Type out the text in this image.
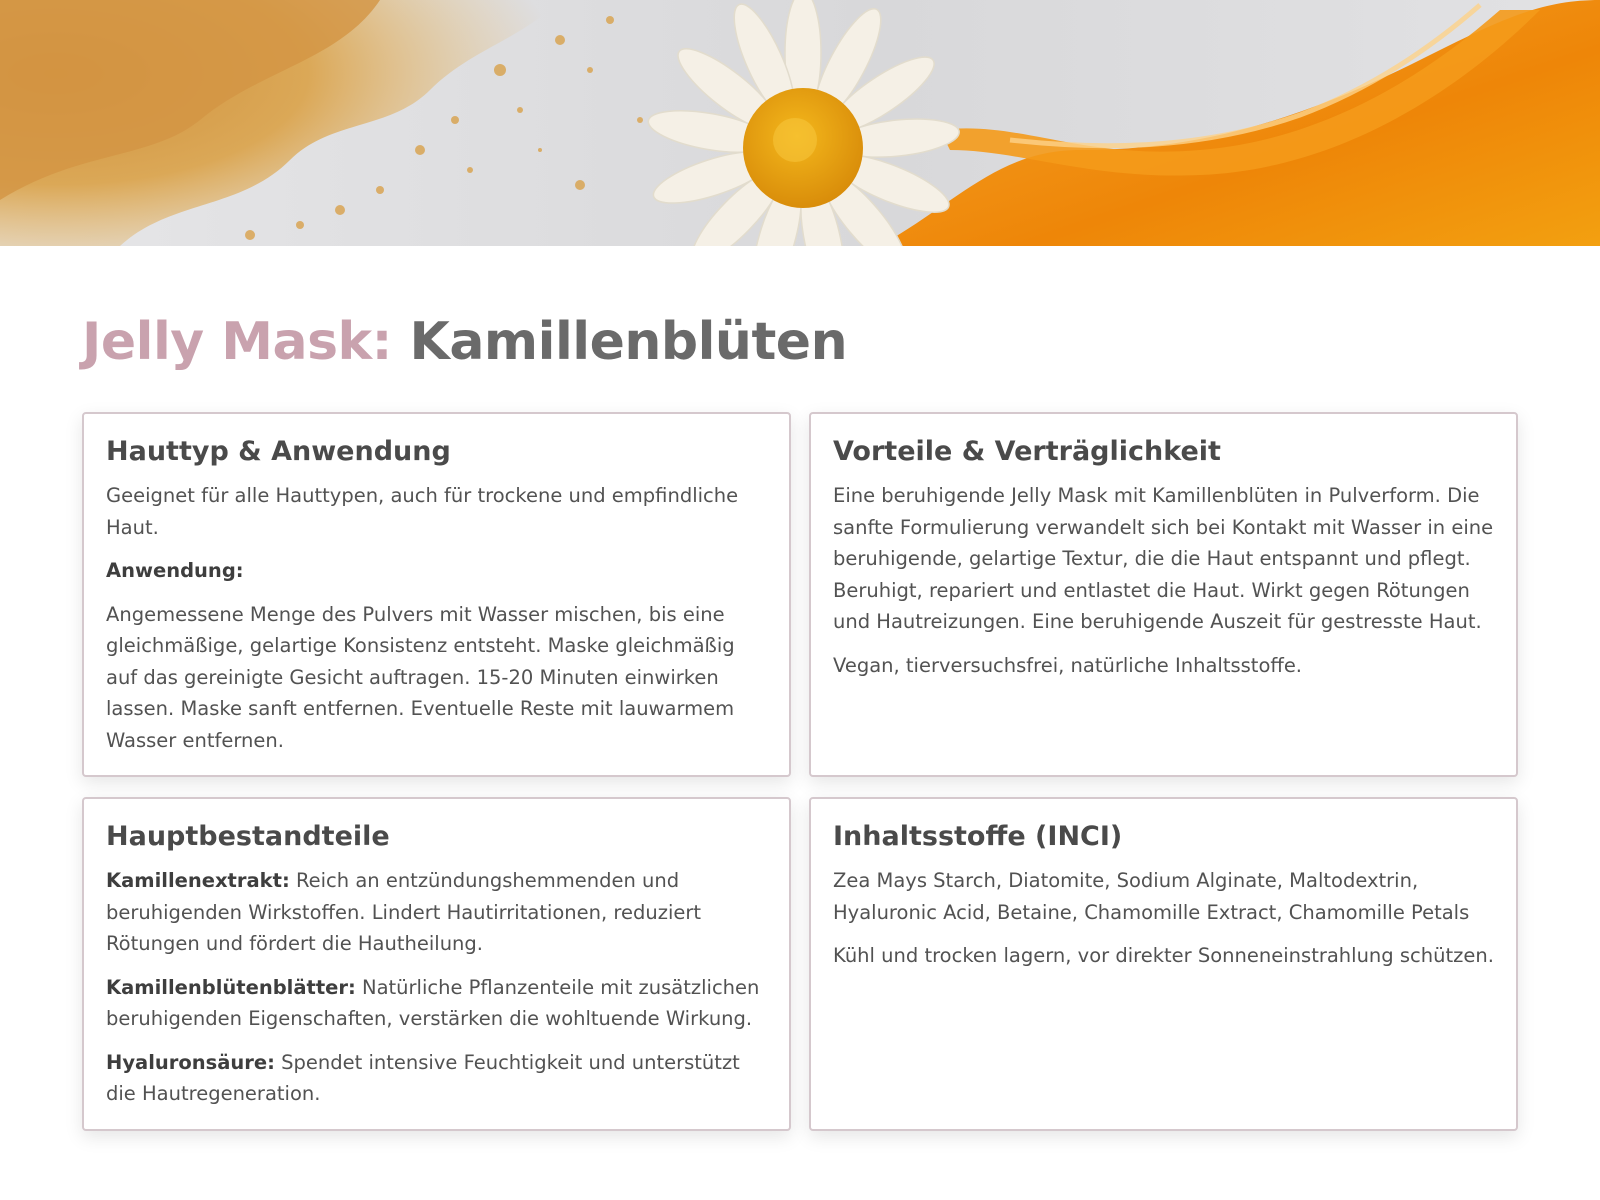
Jelly Mask: Kamillenblüten
Hauttyp & Anwendung

Geeignet für alle Hauttypen, auch für trockene und empfindliche Haut.

Anwendung:

Angemessene Menge des Pulvers mit Wasser mischen, bis eine gleichmäßige, gelartige Konsistenz entsteht. Maske gleichmäßig auf das gereinigte Gesicht auftragen. 15-20 Minuten einwirken lassen. Maske sanft entfernen. Eventuelle Reste mit lauwarmem Wasser entfernen.

Vorteile & Verträglichkeit

Eine beruhigende Jelly Mask mit Kamillenblüten in Pulverform. Die sanfte Formulierung verwandelt sich bei Kontakt mit Wasser in eine beruhigende, gelartige Textur, die die Haut entspannt und pflegt. Beruhigt, repariert und entlastet die Haut. Wirkt gegen Rötungen und Hautreizungen. Eine beruhigende Auszeit für gestresste Haut.

Vegan, tierversuchsfrei, natürliche Inhaltsstoffe.

Hauptbestandteile

Kamillenextrakt: Reich an entzündungshemmenden und beruhigenden Wirkstoffen. Lindert Hautirritationen, reduziert Rötungen und fördert die Hautheilung.

Kamillenblütenblätter: Natürliche Pflanzenteile mit zusätzlichen beruhigenden Eigenschaften, verstärken die wohltuende Wirkung.

Hyaluronsäure: Spendet intensive Feuchtigkeit und unterstützt die Hautregeneration.

Inhaltsstoffe (INCI)

Zea Mays Starch, Diatomite, Sodium Alginate, Maltodextrin, Hyaluronic Acid, Betaine, Chamomille Extract, Chamomille Petals

Kühl und trocken lagern, vor direkter Sonneneinstrahlung schützen.
